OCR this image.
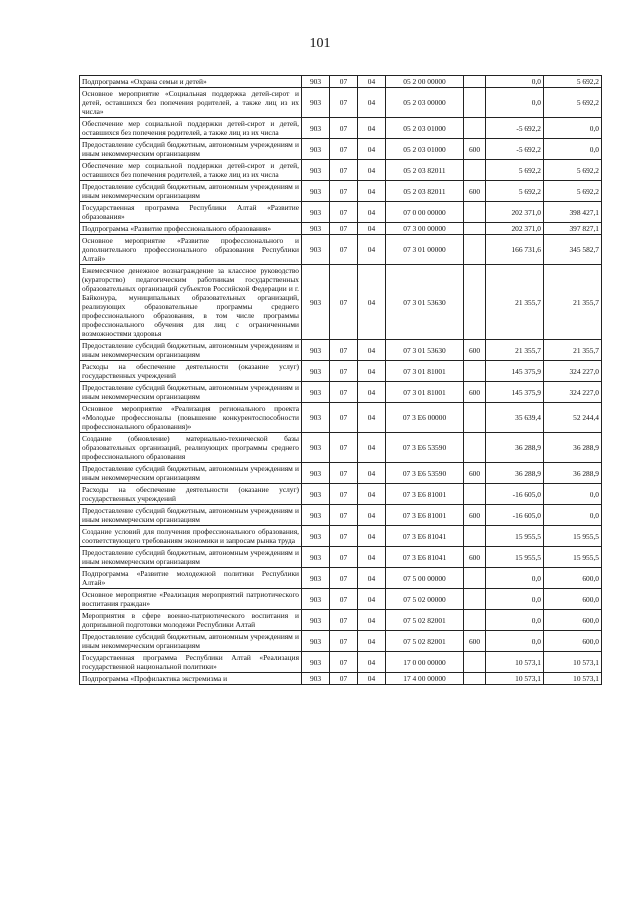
101
Подпрограмма «Охрана семьи и детей»	903	07	04	05 2 00 00000		0,0	5 692,2
Основное мероприятие «Социальная поддержка детей-сирот и детей, оставшихся без попечения родителей, а также лиц из их числа»	903	07	04	05 2 03 00000		0,0	5 692,2
Обеспечение мер социальной поддержки детей-сирот и детей, оставшихся без попечения родителей, а также лиц из их числа	903	07	04	05 2 03 01000		-5 692,2	0,0
Предоставление субсидий бюджетным, автономным учреждениям и иным некоммерческим организациям	903	07	04	05 2 03 01000	600	-5 692,2	0,0
Обеспечение мер социальной поддержки детей-сирот и детей, оставшихся без попечения родителей, а также лиц из их числа	903	07	04	05 2 03 82011		5 692,2	5 692,2
Предоставление субсидий бюджетным, автономным учреждениям и иным некоммерческим организациям	903	07	04	05 2 03 82011	600	5 692,2	5 692,2
Государственная программа Республики Алтай «Развитие образования»	903	07	04	07 0 00 00000		202 371,0	398 427,1
Подпрограмма «Развитие профессионального образования»	903	07	04	07 3 00 00000		202 371,0	397 827,1
Основное мероприятие «Развитие профессионального и дополнительного профессионального образования Республики Алтай»	903	07	04	07 3 01 00000		166 731,6	345 582,7
Ежемесячное денежное вознаграждение за классное руководство (кураторство) педагогическим работникам государственных образовательных организаций субъектов Российской Федерации и г. Байконура, муниципальных образовательных организаций, реализующих образовательные программы среднего профессионального образования, в том числе программы профессионального обучения для лиц с ограниченными возможностями здоровья	903	07	04	07 3 01 53630		21 355,7	21 355,7
Предоставление субсидий бюджетным, автономным учреждениям и иным некоммерческим организациям	903	07	04	07 3 01 53630	600	21 355,7	21 355,7
Расходы на обеспечение деятельности (оказание услуг) государственных учреждений	903	07	04	07 3 01 81001		145 375,9	324 227,0
Предоставление субсидий бюджетным, автономным учреждениям и иным некоммерческим организациям	903	07	04	07 3 01 81001	600	145 375,9	324 227,0
Основное мероприятие «Реализация регионального проекта «Молодые профессионалы (повышение конкурентоспособности профессионального образования)»	903	07	04	07 3 E6 00000		35 639,4	52 244,4
Создание (обновление) материально-технической базы образовательных организаций, реализующих программы среднего профессионального образования	903	07	04	07 3 E6 53590		36 288,9	36 288,9
Предоставление субсидий бюджетным, автономным учреждениям и иным некоммерческим организациям	903	07	04	07 3 E6 53590	600	36 288,9	36 288,9
Расходы на обеспечение деятельности (оказание услуг) государственных учреждений	903	07	04	07 3 E6 81001		-16 605,0	0,0
Предоставление субсидий бюджетным, автономным учреждениям и иным некоммерческим организациям	903	07	04	07 3 E6 81001	600	-16 605,0	0,0
Создание условий для получения профессионального образования, соответствующего требованиям экономики и запросам рынка труда	903	07	04	07 3 E6 81041		15 955,5	15 955,5
Предоставление субсидий бюджетным, автономным учреждениям и иным некоммерческим организациям	903	07	04	07 3 E6 81041	600	15 955,5	15 955,5
Подпрограмма «Развитие молодежной политики Республики Алтай»	903	07	04	07 5 00 00000		0,0	600,0
Основное мероприятие «Реализация мероприятий патриотического воспитания граждан»	903	07	04	07 5 02 00000		0,0	600,0
Мероприятия в сфере военно-патриотического воспитания и допризывной подготовки молодежи Республики Алтай	903	07	04	07 5 02 82001		0,0	600,0
Предоставление субсидий бюджетным, автономным учреждениям и иным некоммерческим организациям	903	07	04	07 5 02 82001	600	0,0	600,0
Государственная программа Республики Алтай «Реализация государственной национальной политики»	903	07	04	17 0 00 00000		10 573,1	10 573,1
Подпрограмма «Профилактика экстремизма и	903	07	04	17 4 00 00000		10 573,1	10 573,1
